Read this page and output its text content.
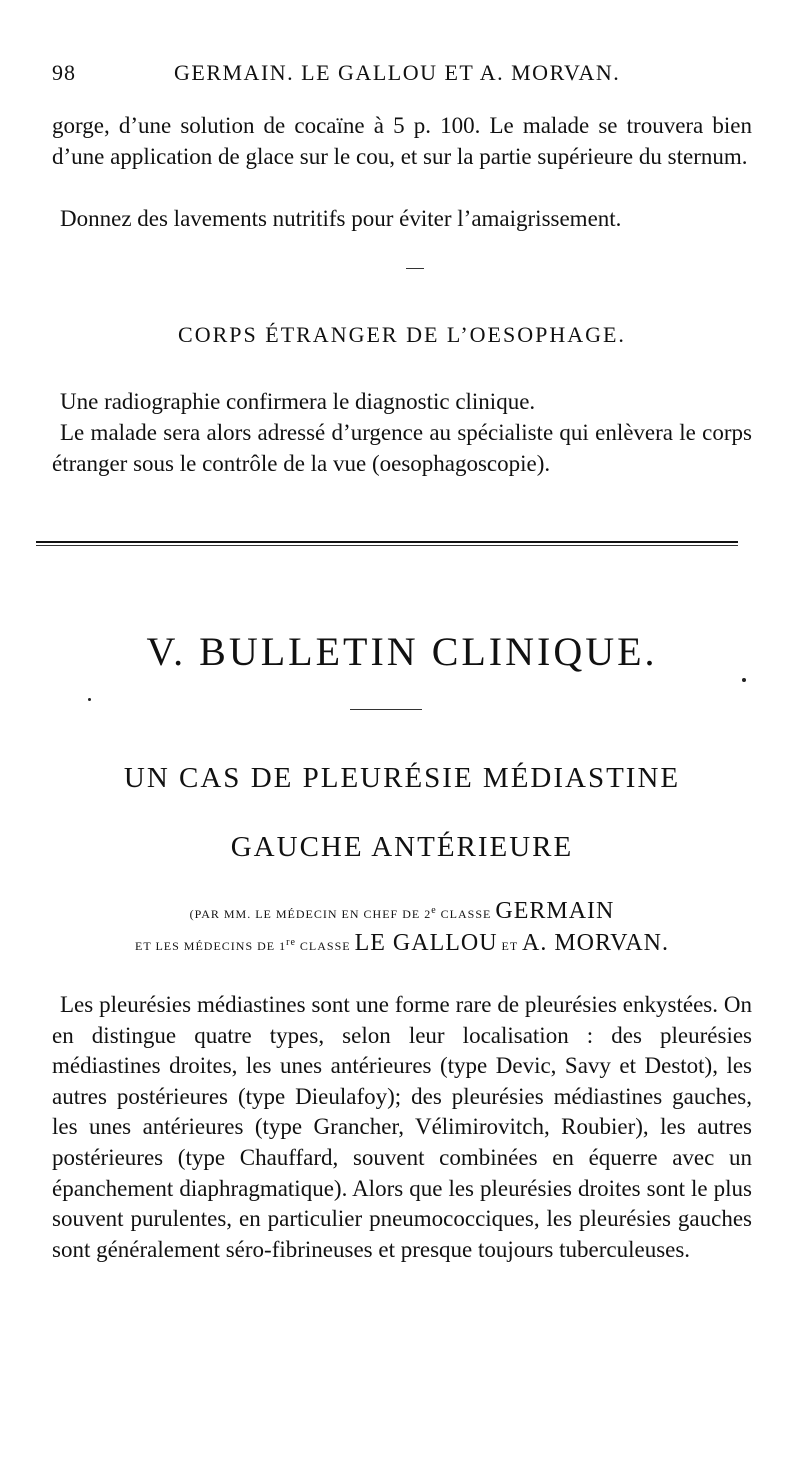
98	GERMAIN. LE GALLOU ET A. MORVAN.

gorge, d’une solution de cocaïne à 5 p. 100. Le malade se trouvera bien d’une application de glace sur le cou, et sur la partie supérieure du sternum.

Donnez des lavements nutritifs pour éviter l’amaigrissement.

CORPS ÉTRANGER DE L’OESOPHAGE.

Une radiographie confirmera le diagnostic clinique.

Le malade sera alors adressé d’urgence au spécialiste qui enlèvera le corps étranger sous le contrôle de la vue (oesophagoscopie).

V. BULLETIN CLINIQUE.
UN CAS DE PLEURÉSIE MÉDIASTINE
GAUCHE ANTÉRIEURE
(PAR MM. LE MÉDECIN EN CHEF DE 2e CLASSE GERMAIN
ET LES MÉDECINS DE 1re CLASSE LE GALLOU ET A. MORVAN.

Les pleurésies médiastines sont une forme rare de pleurésies enkystées. On en distingue quatre types, selon leur localisation : des pleurésies médiastines droites, les unes antérieures (type Devic, Savy et Destot), les autres postérieures (type Dieulafoy); des pleurésies médiastines gauches, les unes antérieures (type Grancher, Vélimirovitch, Roubier), les autres postérieures (type Chauffard, souvent combinées en équerre avec un épanchement diaphragmatique). Alors que les pleurésies droites sont le plus souvent purulentes, en particulier pneumococciques, les pleurésies gauches sont généralement séro-fibrineuses et presque toujours tuberculeuses.
